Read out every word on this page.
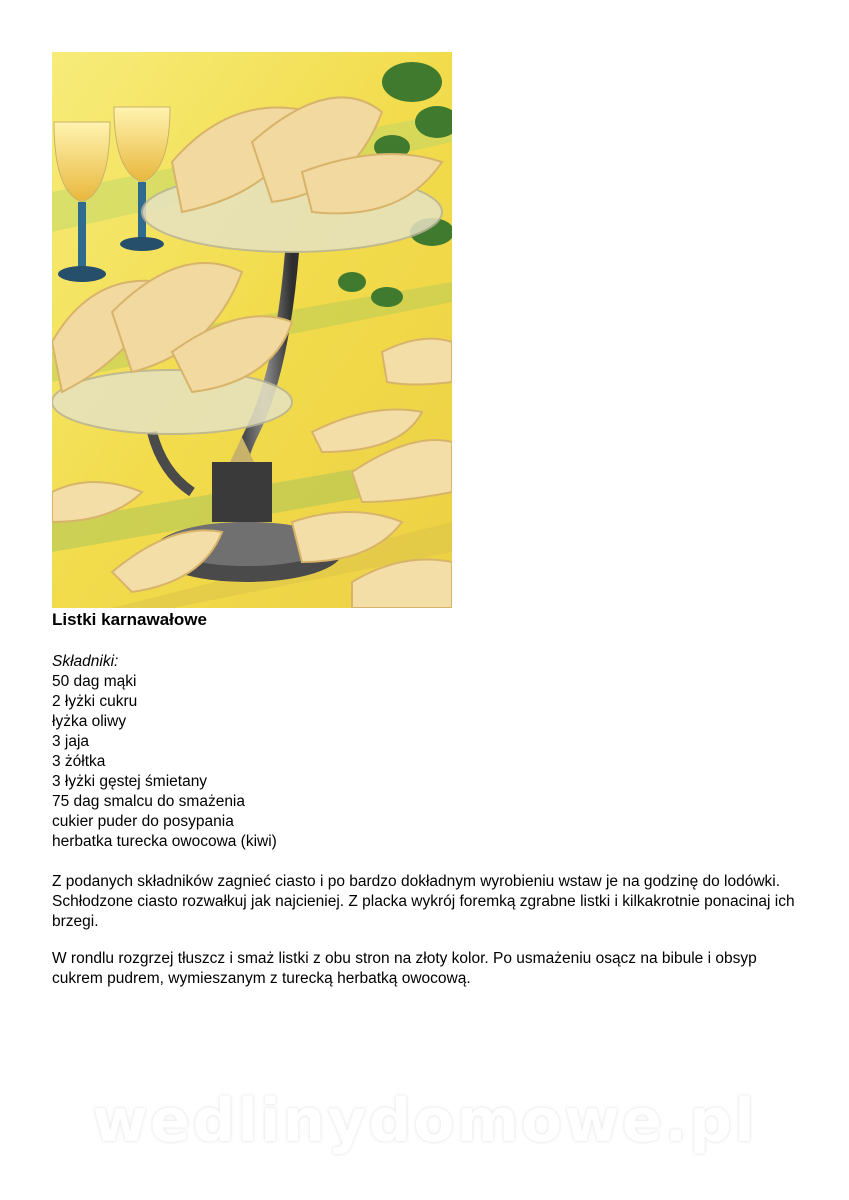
Listki karnawałowe
Składniki:
50 dag mąki
2 łyżki cukru
łyżka oliwy
3 jaja
3 żółtka
3 łyżki gęstej śmietany
75 dag smalcu do smażenia
cukier puder do posypania
herbatka turecka owocowa (kiwi)

Z podanych składników zagnieć ciasto i po bardzo dokładnym wyrobieniu wstaw je na godzinę do lodówki. Schłodzone ciasto rozwałkuj jak najcieniej. Z placka wykrój foremką zgrabne listki i kilkakrotnie ponacinaj ich brzegi.

W rondlu rozgrzej tłuszcz i smaż listki z obu stron na złoty kolor. Po usmażeniu osącz na bibule i obsyp cukrem pudrem, wymieszanym z turecką herbatką owocową.

wedlinydomowe.pl
